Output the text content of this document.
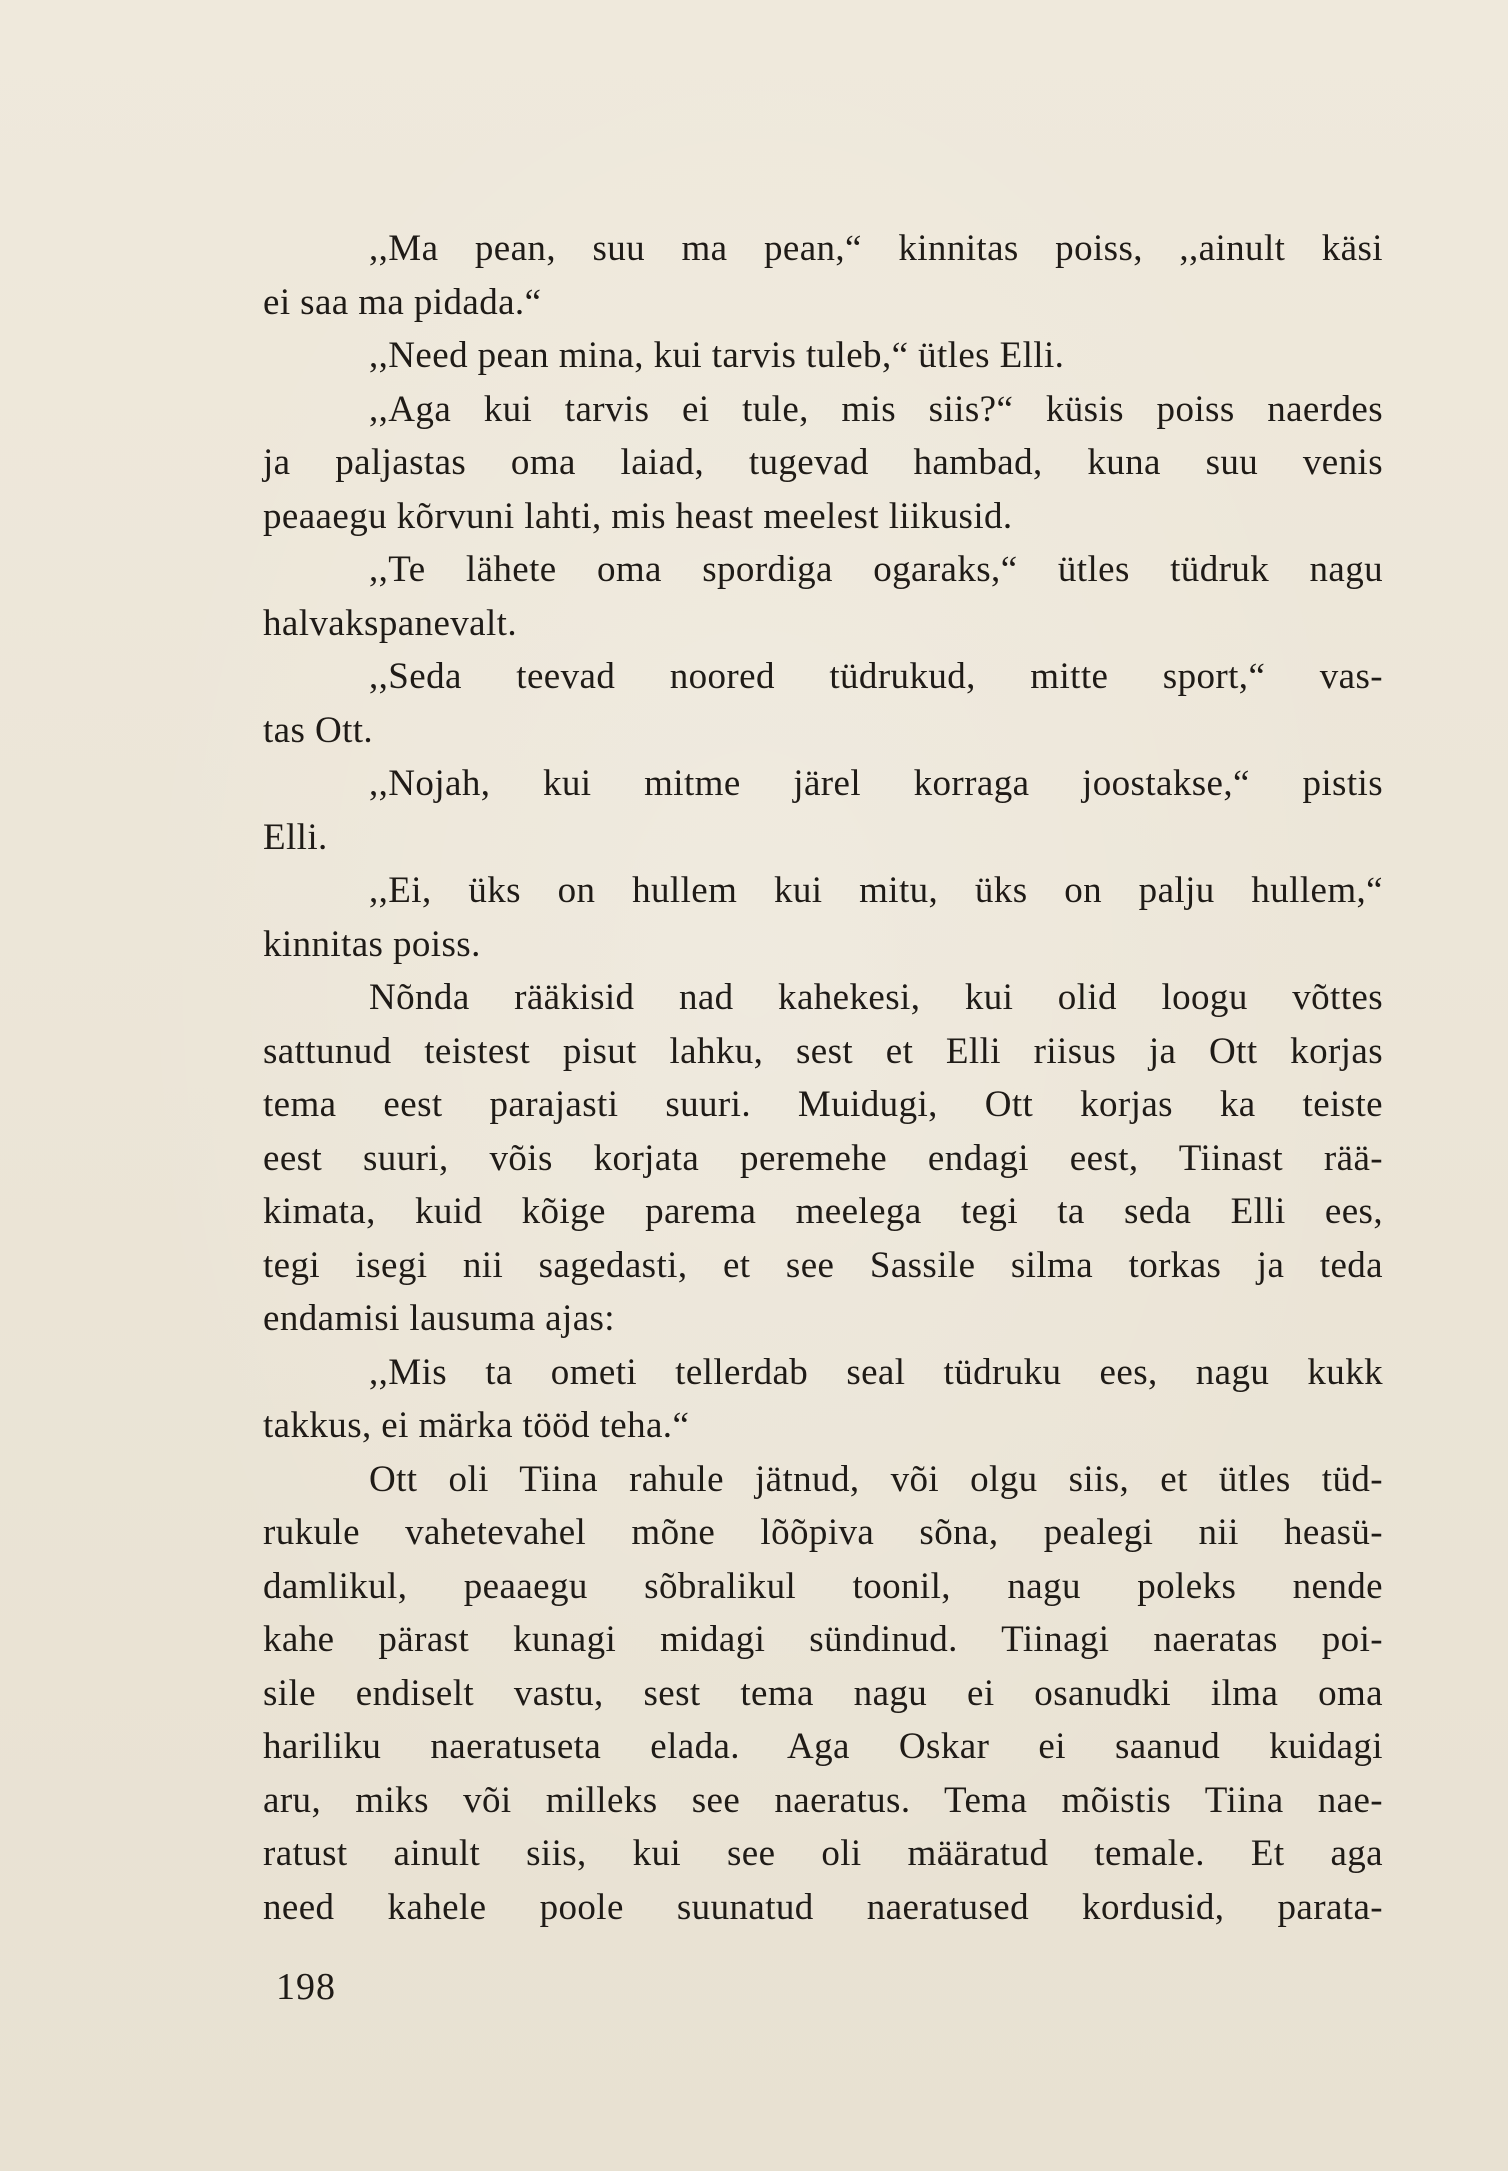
,,Ma pean, suu ma pean,“ kinnitas poiss, ,,ainult käsi
ei saa ma pidada.“
,,Need pean mina, kui tarvis tuleb,“ ütles Elli.
,,Aga kui tarvis ei tule, mis siis?“ küsis poiss naerdes
ja paljastas oma laiad, tugevad hambad, kuna suu venis
peaaegu kõrvuni lahti, mis heast meelest liikusid.
,,Te lähete oma spordiga ogaraks,“ ütles tüdruk nagu
halvakspanevalt.
,,Seda teevad noored tüdrukud, mitte sport,“ vas-
tas Ott.
,,Nojah, kui mitme järel korraga joostakse,“ pistis
Elli.
,,Ei, üks on hullem kui mitu, üks on palju hullem,“
kinnitas poiss.
Nõnda rääkisid nad kahekesi, kui olid loogu võttes
sattunud teistest pisut lahku, sest et Elli riisus ja Ott korjas
tema eest parajasti suuri. Muidugi, Ott korjas ka teiste
eest suuri, võis korjata peremehe endagi eest, Tiinast rää-
kimata, kuid kõige parema meelega tegi ta seda Elli ees,
tegi isegi nii sagedasti, et see Sassile silma torkas ja teda
endamisi lausuma ajas:
,,Mis ta ometi tellerdab seal tüdruku ees, nagu kukk
takkus, ei märka tööd teha.“
Ott oli Tiina rahule jätnud, või olgu siis, et ütles tüd-
rukule vahetevahel mõne lõõpiva sõna, pealegi nii heasü-
damlikul, peaaegu sõbralikul toonil, nagu poleks nende
kahe pärast kunagi midagi sündinud. Tiinagi naeratas poi-
sile endiselt vastu, sest tema nagu ei osanudki ilma oma
hariliku naeratuseta elada. Aga Oskar ei saanud kuidagi
aru, miks või milleks see naeratus. Tema mõistis Tiina nae-
ratust ainult siis, kui see oli määratud temale. Et aga
need kahele poole suunatud naeratused kordusid, parata-
198
